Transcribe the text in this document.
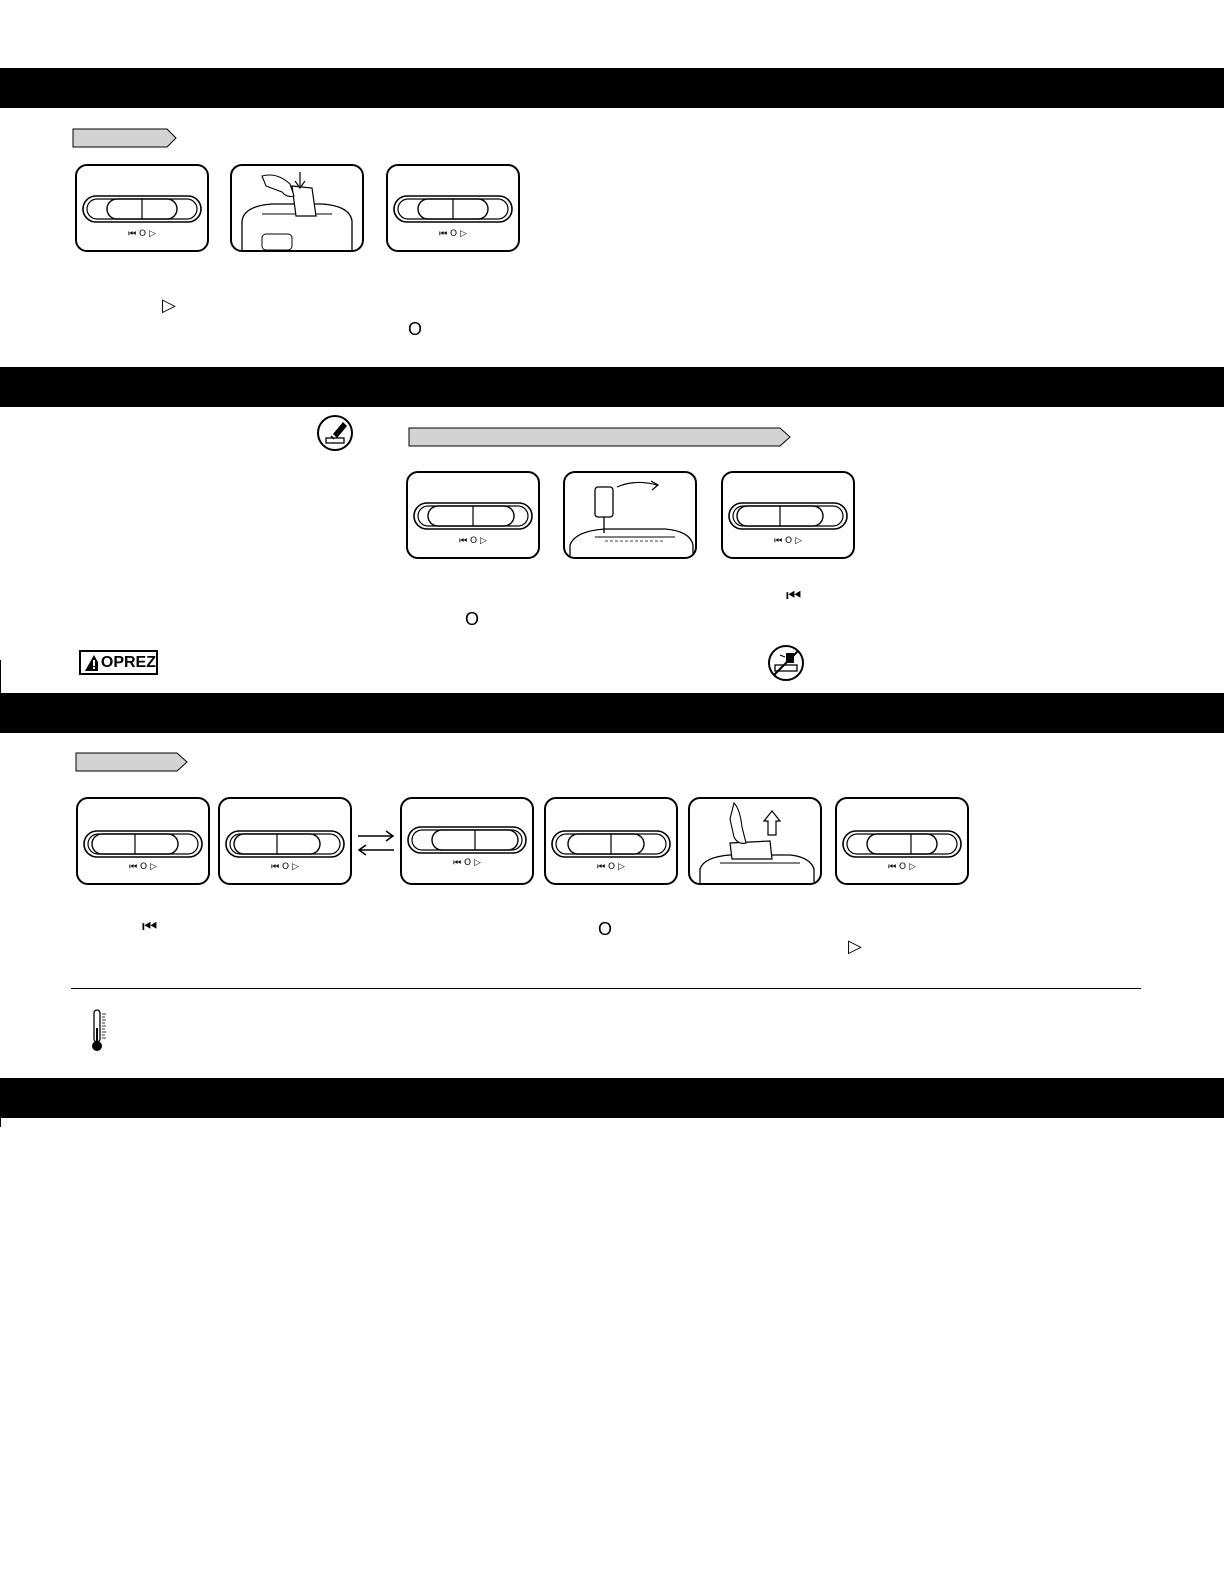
⏮ O ▷	⏮ O ▷
▷
O
⏮ O ▷	⏮ O ▷
⏮
O
OPREZ
⏮ O ▷	⏮ O ▷	⏮ O ▷	⏮ O ▷	⏮ O ▷
⏮	O
▷
